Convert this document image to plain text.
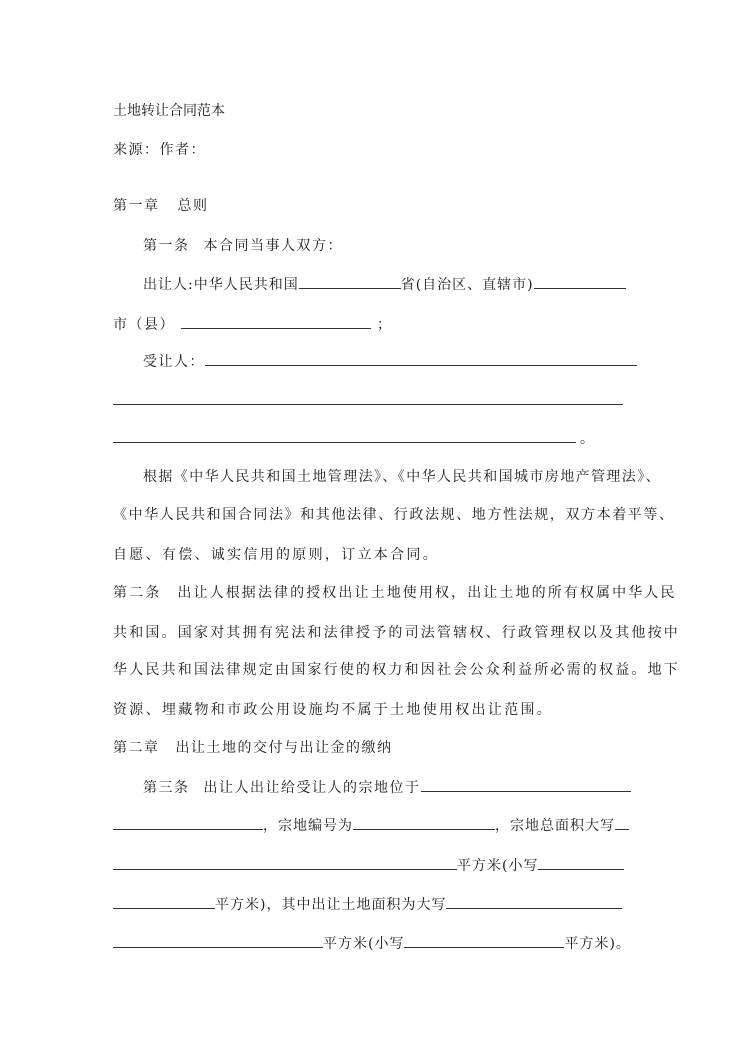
土地转让合同范本
来源：作者：
第一章 总则
第一条 本合同当事人双方：
出让人:中华人民共和国	省(自治区、直辖市)
市（县）	；
受让人：
。
根据《中华人民共和国土地管理法》、《中华人民共和国城市房地产管理法》、
《中华人民共和国合同法》和其他法律、行政法规、地方性法规，双方本着平等、
自愿、有偿、诚实信用的原则，订立本合同。
第二条　出让人根据法律的授权出让土地使用权，出让土地的所有权属中华人民
共和国。国家对其拥有宪法和法律授予的司法管辖权、行政管理权以及其他按中
华人民共和国法律规定由国家行使的权力和因社会公众利益所必需的权益。地下
资源、埋藏物和市政公用设施均不属于土地使用权出让范围。
第二章 出让土地的交付与出让金的缴纳
第三条 出让人出让给受让人的宗地位于
，宗地编号为	，宗地总面积大写
平方米(小写
平方米)，其中出让土地面积为大写
平方米(小写	平方米)。
